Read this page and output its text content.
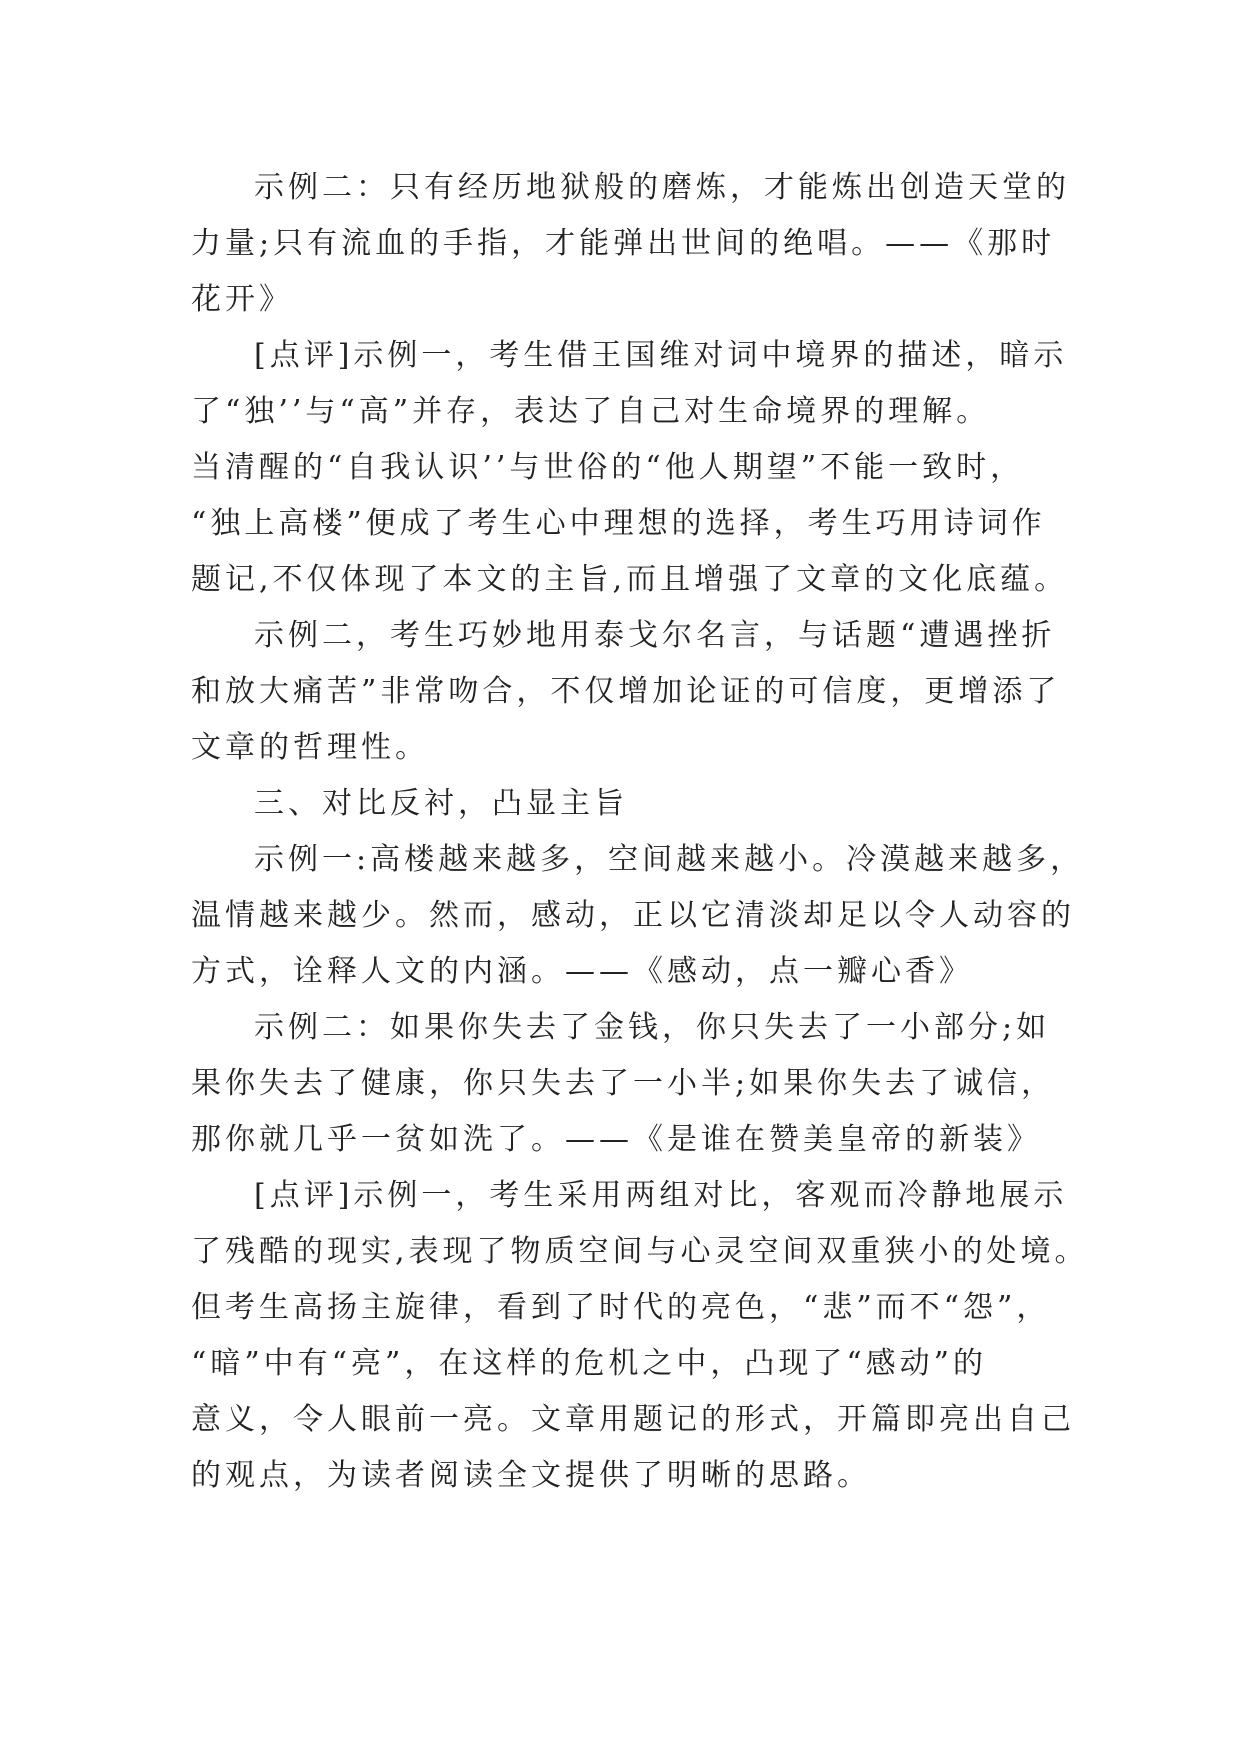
示例二：只有经历地狱般的磨炼，才能炼出创造天堂的
力量;只有流血的手指，才能弹出世间的绝唱。——《那时
花开》

[点评]示例一，考生借王国维对词中境界的描述，暗示
了“独’’与“高”并存，表达了自己对生命境界的理解。
当清醒的“自我认识’’与世俗的“他人期望”不能一致时，
“独上高楼”便成了考生心中理想的选择，考生巧用诗词作
题记,不仅体现了本文的主旨,而且增强了文章的文化底蕴。

示例二，考生巧妙地用泰戈尔名言，与话题“遭遇挫折
和放大痛苦”非常吻合，不仅增加论证的可信度，更增添了
文章的哲理性。

三、对比反衬，凸显主旨

示例一:高楼越来越多，空间越来越小。冷漠越来越多，
温情越来越少。然而，感动，正以它清淡却足以令人动容的
方式，诠释人文的内涵。——《感动，点一瓣心香》

示例二：如果你失去了金钱，你只失去了一小部分;如
果你失去了健康，你只失去了一小半;如果你失去了诚信，
那你就几乎一贫如洗了。——《是谁在赞美皇帝的新装》

[点评]示例一，考生采用两组对比，客观而冷静地展示
了残酷的现实,表现了物质空间与心灵空间双重狭小的处境。
但考生高扬主旋律，看到了时代的亮色，“悲”而不“怨”，
“暗”中有“亮”，在这样的危机之中，凸现了“感动”的
意义，令人眼前一亮。文章用题记的形式，开篇即亮出自己
的观点，为读者阅读全文提供了明晰的思路。
